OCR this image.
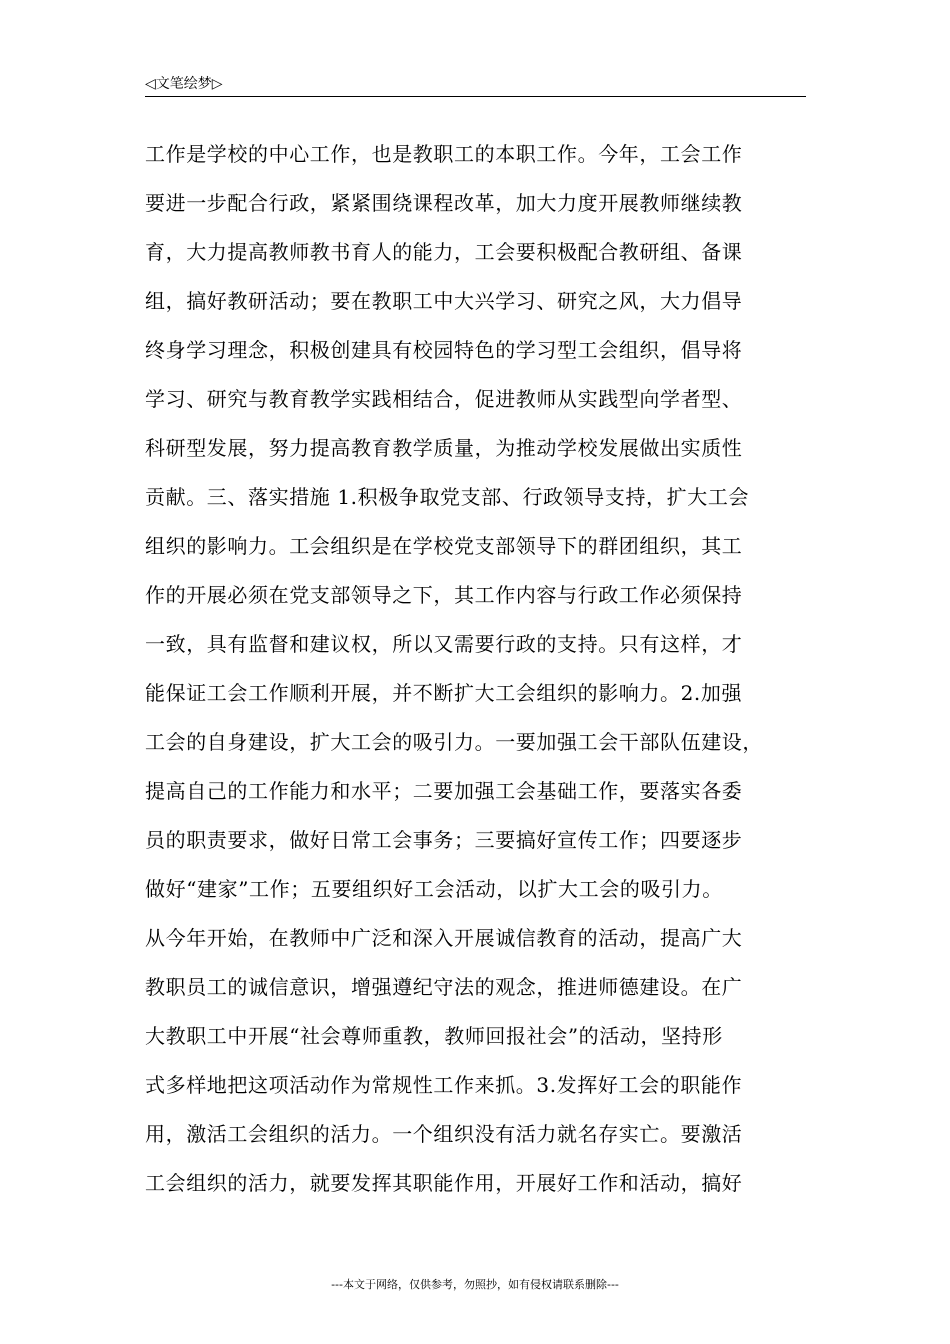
◁文笔绘梦▷
工作是学校的中心工作，也是教职工的本职工作。今年，工会工作
要进一步配合行政，紧紧围绕课程改革，加大力度开展教师继续教
育，大力提高教师教书育人的能力，工会要积极配合教研组、备课
组，搞好教研活动；要在教职工中大兴学习、研究之风，大力倡导
终身学习理念，积极创建具有校园特色的学习型工会组织，倡导将
学习、研究与教育教学实践相结合，促进教师从实践型向学者型、
科研型发展，努力提高教育教学质量，为推动学校发展做出实质性
贡献。三、落实措施 1.积极争取党支部、行政领导支持，扩大工会
组织的影响力。工会组织是在学校党支部领导下的群团组织，其工
作的开展必须在党支部领导之下，其工作内容与行政工作必须保持
一致，具有监督和建议权，所以又需要行政的支持。只有这样，才
能保证工会工作顺利开展，并不断扩大工会组织的影响力。2.加强
工会的自身建设，扩大工会的吸引力。一要加强工会干部队伍建设，
提高自己的工作能力和水平；二要加强工会基础工作，要落实各委
员的职责要求，做好日常工会事务；三要搞好宣传工作；四要逐步
做好“建家”工作；五要组织好工会活动，以扩大工会的吸引力。
从今年开始，在教师中广泛和深入开展诚信教育的活动，提高广大
教职员工的诚信意识，增强遵纪守法的观念，推进师德建设。在广
大教职工中开展“社会尊师重教，教师回报社会”的活动，坚持形
式多样地把这项活动作为常规性工作来抓。3.发挥好工会的职能作
用，激活工会组织的活力。一个组织没有活力就名存实亡。要激活
工会组织的活力，就要发挥其职能作用，开展好工作和活动，搞好
---本文于网络，仅供参考，勿照抄，如有侵权请联系删除---
